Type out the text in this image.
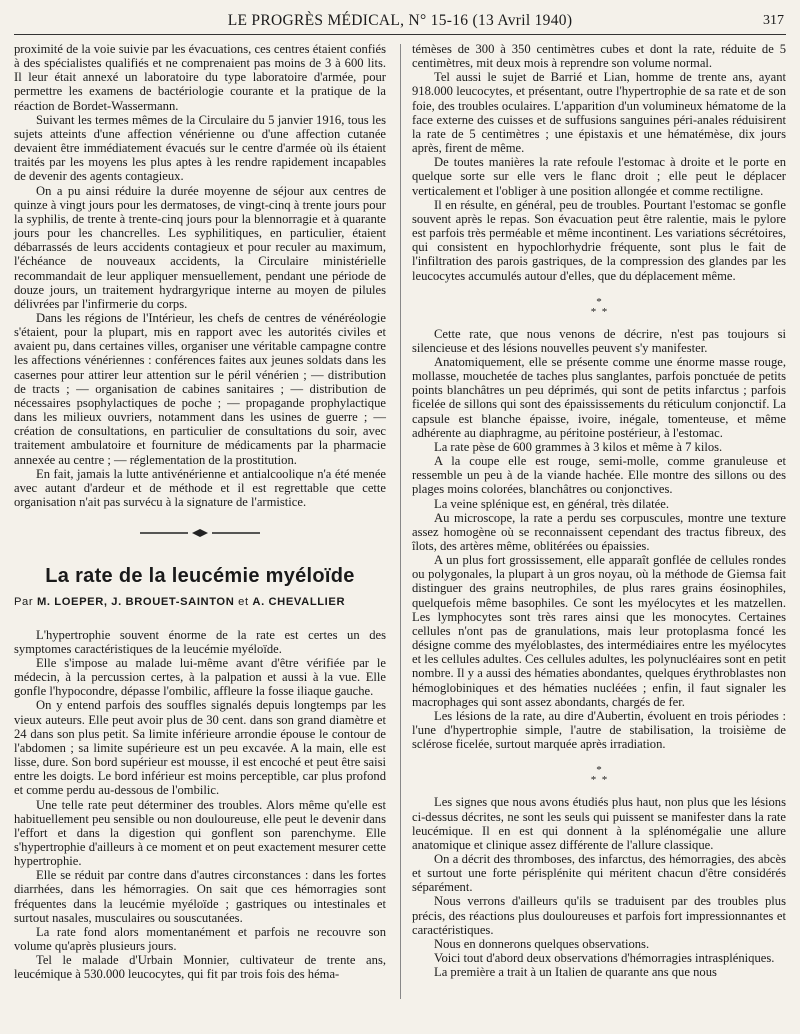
LE PROGRÈS MÉDICAL, N° 15-16 (13 Avril 1940)	317

proximité de la voie suivie par les évacuations, ces centres étaient confiés à des spécialistes qualifiés et ne comprenaient pas moins de 3 à 600 lits. Il leur était annexé un laboratoire du type laboratoire d'armée, pour permettre les examens de bactériologie courante et la pratique de la réaction de Bordet-Wassermann.

Suivant les termes mêmes de la Circulaire du 5 janvier 1916, tous les sujets atteints d'une affection vénérienne ou d'une affection cutanée devaient être immédiatement évacués sur le centre d'armée où ils étaient traités par les moyens les plus aptes à les rendre rapidement incapables de devenir des agents contagieux.

On a pu ainsi réduire la durée moyenne de séjour aux centres de quinze à vingt jours pour les dermatoses, de vingt-cinq à trente jours pour la syphilis, de trente à trente-cinq jours pour la blennorragie et à quarante jours pour les chancrelles. Les syphilitiques, en particulier, étaient débarrassés de leurs accidents contagieux et pour reculer au maximum, l'échéance de nouveaux accidents, la Circulaire ministérielle recommandait de leur appliquer mensuellement, pendant une période de douze jours, un traitement hydrargyrique interne au moyen de pilules délivrées par l'infirmerie du corps.

Dans les régions de l'Intérieur, les chefs de centres de vénéréologie s'étaient, pour la plupart, mis en rapport avec les autorités civiles et avaient pu, dans certaines villes, organiser une véritable campagne contre les affections vénériennes : conférences faites aux jeunes soldats dans les casernes pour attirer leur attention sur le péril vénérien ; — distribution de tracts ; — organisation de cabines sanitaires ; — distribution de nécessaires psophylactiques de poche ; — propagande prophylactique dans les milieux ouvriers, notamment dans les usines de guerre ; — création de consultations, en particulier de consultations du soir, avec traitement ambulatoire et fourniture de médicaments par la pharmacie annexée au centre ; — réglementation de la prostitution.

En fait, jamais la lutte antivénérienne et antialcoolique n'a été menée avec autant d'ardeur et de méthode et il est regrettable que cette organisation n'ait pas survécu à la signature de l'armistice.

La rate de la leucémie myéloïde
Par M. LOEPER, J. BROUET-SAINTON et A. CHEVALLIER

L'hypertrophie souvent énorme de la rate est certes un des symptomes caractéristiques de la leucémie myéloïde.

Elle s'impose au malade lui-même avant d'être vérifiée par le médecin, à la percussion certes, à la palpation et aussi à la vue. Elle gonfle l'hypocondre, dépasse l'ombilic, affleure la fosse iliaque gauche.

On y entend parfois des souffles signalés depuis longtemps par les vieux auteurs. Elle peut avoir plus de 30 cent. dans son grand diamètre et 24 dans son plus petit. Sa limite inférieure arrondie épouse le contour de l'abdomen ; sa limite supérieure est un peu excavée. A la main, elle est lisse, dure. Son bord supérieur est mousse, il est encoché et peut être saisi entre les doigts. Le bord inférieur est moins perceptible, car plus profond et comme perdu au-dessous de l'ombilic.

Une telle rate peut déterminer des troubles. Alors même qu'elle est habituellement peu sensible ou non douloureuse, elle peut le devenir dans l'effort et dans la digestion qui gonflent son parenchyme. Elle s'hypertrophie d'ailleurs à ce moment et on peut exactement mesurer cette hypertrophie.

Elle se réduit par contre dans d'autres circonstances : dans les fortes diarrhées, dans les hémorragies. On sait que ces hémorragies sont fréquentes dans la leucémie myéloïde ; gastriques ou intestinales et surtout nasales, musculaires ou souscutanées.

La rate fond alors momentanément et parfois ne recouvre son volume qu'après plusieurs jours.

Tel le malade d'Urbain Monnier, cultivateur de trente ans, leucémique à 530.000 leucocytes, qui fit par trois fois des héma-

témèses de 300 à 350 centimètres cubes et dont la rate, réduite de 5 centimètres, mit deux mois à reprendre son volume normal.

Tel aussi le sujet de Barrié et Lian, homme de trente ans, ayant 918.000 leucocytes, et présentant, outre l'hypertrophie de sa rate et de son foie, des troubles oculaires. L'apparition d'un volumineux hématome de la face externe des cuisses et de suffusions sanguines péri-anales réduisirent la rate de 5 centimètres ; une épistaxis et une hématémèse, dix jours après, firent de même.

De toutes manières la rate refoule l'estomac à droite et le porte en quelque sorte sur elle vers le flanc droit ; elle peut le déplacer verticalement et l'obliger à une position allongée et comme rectiligne.

Il en résulte, en général, peu de troubles. Pourtant l'estomac se gonfle souvent après le repas. Son évacuation peut être ralentie, mais le pylore est parfois très perméable et même incontinent. Les variations sécrétoires, qui consistent en hypochlorhydrie fréquente, sont plus le fait de l'infiltration des parois gastriques, de la compression des glandes par les leucocytes accumulés autour d'elles, que du déplacement même.

*
* *

Cette rate, que nous venons de décrire, n'est pas toujours si silencieuse et des lésions nouvelles peuvent s'y manifester.

Anatomiquement, elle se présente comme une énorme masse rouge, mollasse, mouchetée de taches plus sanglantes, parfois ponctuée de petits points blanchâtres un peu déprimés, qui sont de petits infarctus ; parfois ficelée de sillons qui sont des épaississements du réticulum conjonctif. La capsule est blanche épaisse, ivoire, inégale, tomenteuse, et même adhérente au diaphragme, au péritoine postérieur, à l'estomac.

La rate pèse de 600 grammes à 3 kilos et même à 7 kilos.

A la coupe elle est rouge, semi-molle, comme granuleuse et ressemble un peu à de la viande hachée. Elle montre des sillons ou des plages moins colorées, blanchâtres ou conjonctives.

La veine splénique est, en général, très dilatée.

Au microscope, la rate a perdu ses corpuscules, montre une texture assez homogène où se reconnaissent cependant des tractus fibreux, des îlots, des artères même, oblitérées ou épaissies.

A un plus fort grossissement, elle apparaît gonflée de cellules rondes ou polygonales, la plupart à un gros noyau, où la méthode de Giemsa fait distinguer des grains neutrophiles, de plus rares grains éosinophiles, quelquefois même basophiles. Ce sont les myélocytes et les matzellen. Les lymphocytes sont très rares ainsi que les monocytes. Certaines cellules n'ont pas de granulations, mais leur protoplasma foncé les désigne comme des myéloblastes, des intermédiaires entre les myélocytes et les cellules adultes. Ces cellules adultes, les polynucléaires sont en petit nombre. Il y a aussi des hématies abondantes, quelques érythroblastes non hémoglobiniques et des hématies nucléées ; enfin, il faut signaler les macrophages qui sont assez abondants, chargés de fer.

Les lésions de la rate, au dire d'Aubertin, évoluent en trois périodes : l'une d'hypertrophie simple, l'autre de stabilisation, la troisième de sclérose ficelée, surtout marquée après irradiation.

*
* *

Les signes que nous avons étudiés plus haut, non plus que les lésions ci-dessus décrites, ne sont les seuls qui puissent se manifester dans la rate leucémique. Il en est qui donnent à la splénomégalie une allure anatomique et clinique assez différente de l'allure classique.

On a décrit des thromboses, des infarctus, des hémorragies, des abcès et surtout une forte périsplénite qui méritent chacun d'être considérés séparément.

Nous verrons d'ailleurs qu'ils se traduisent par des troubles plus précis, des réactions plus douloureuses et parfois fort impressionnantes et caractéristiques.

Nous en donnerons quelques observations.

Voici tout d'abord deux observations d'hémorragies intraspléniques.

La première a trait à un Italien de quarante ans que nous
